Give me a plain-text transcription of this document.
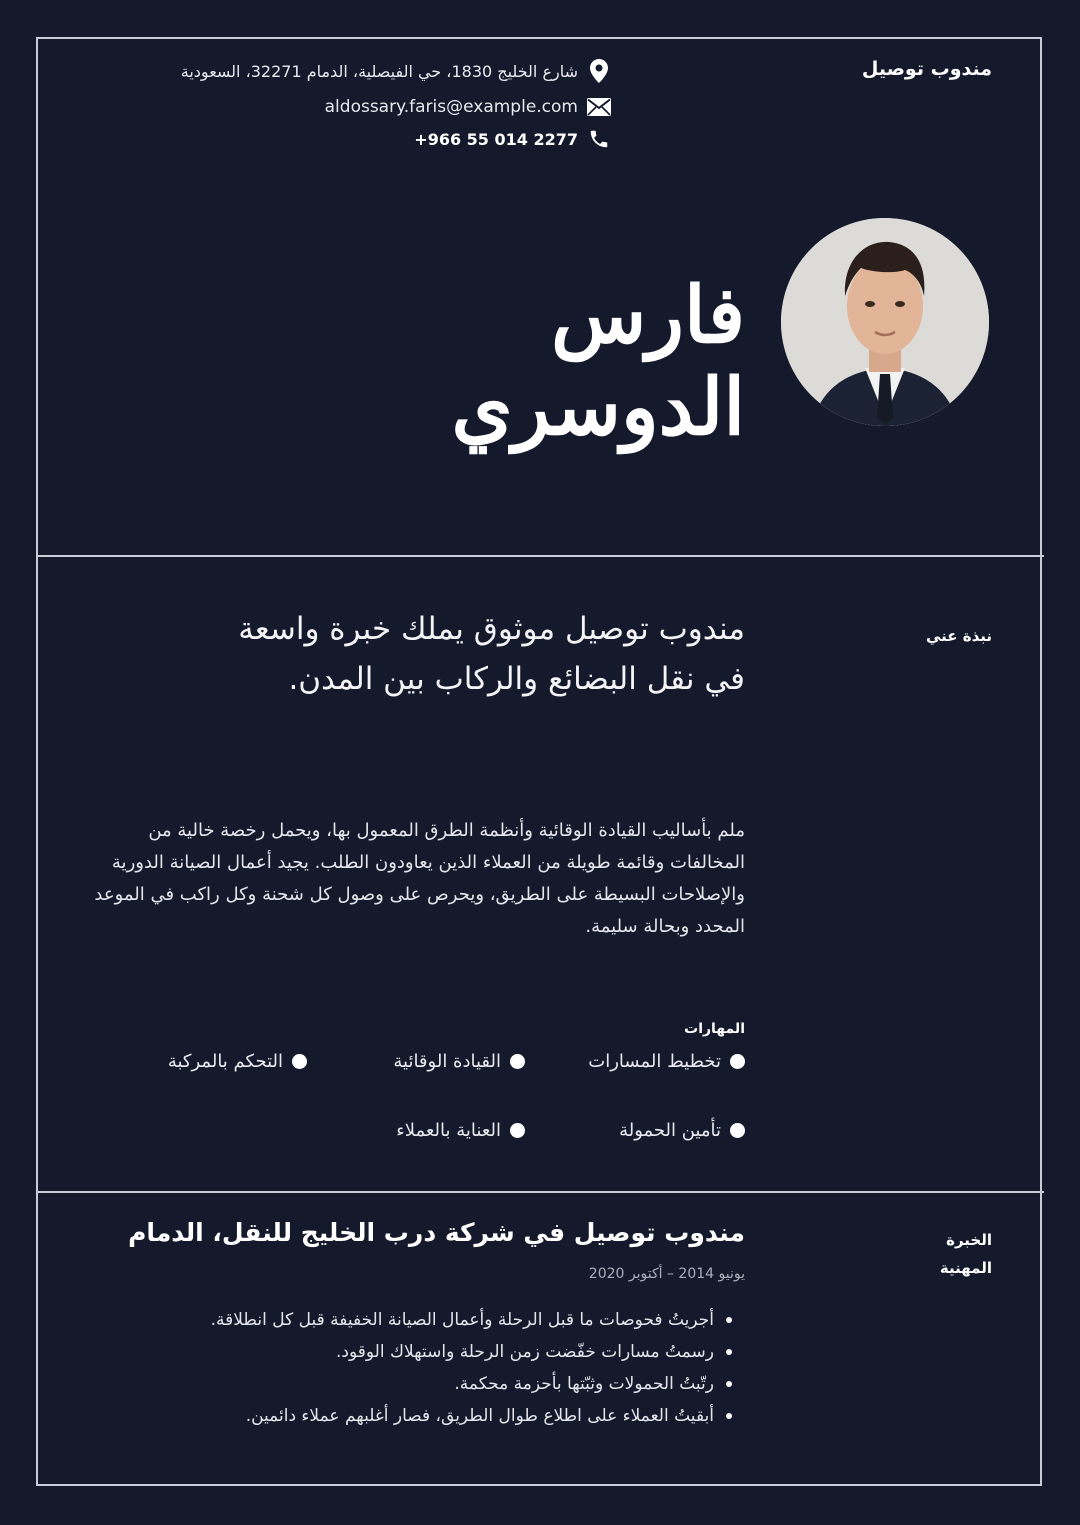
مندوب توصيل
شارع الخليج 1830، حي الفيصلية، الدمام 32271، السعودية
aldossary.faris@example.com
+966 55 014 2277
فارس
الدوسري
نبذة عني
مندوب توصيل موثوق يملك خبرة واسعة في نقل البضائع والركاب بين المدن.
ملم بأساليب القيادة الوقائية وأنظمة الطرق المعمول بها، ويحمل رخصة خالية من المخالفات وقائمة طويلة من العملاء الذين يعاودون الطلب. يجيد أعمال الصيانة الدورية والإصلاحات البسيطة على الطريق، ويحرص على وصول كل شحنة وكل راكب في الموعد المحدد وبحالة سليمة.
المهارات
تخطيط المسارات
القيادة الوقائية
التحكم بالمركبة
تأمين الحمولة
العناية بالعملاء
الخبرة
المهنية
مندوب توصيل في شركة درب الخليج للنقل، الدمام
يونيو 2014 – أكتوبر 2020
أجريتُ فحوصات ما قبل الرحلة وأعمال الصيانة الخفيفة قبل كل انطلاقة.
رسمتُ مسارات خفّضت زمن الرحلة واستهلاك الوقود.
رتّبتُ الحمولات وثبّتها بأحزمة محكمة.
أبقيتُ العملاء على اطلاع طوال الطريق، فصار أغلبهم عملاء دائمين.
